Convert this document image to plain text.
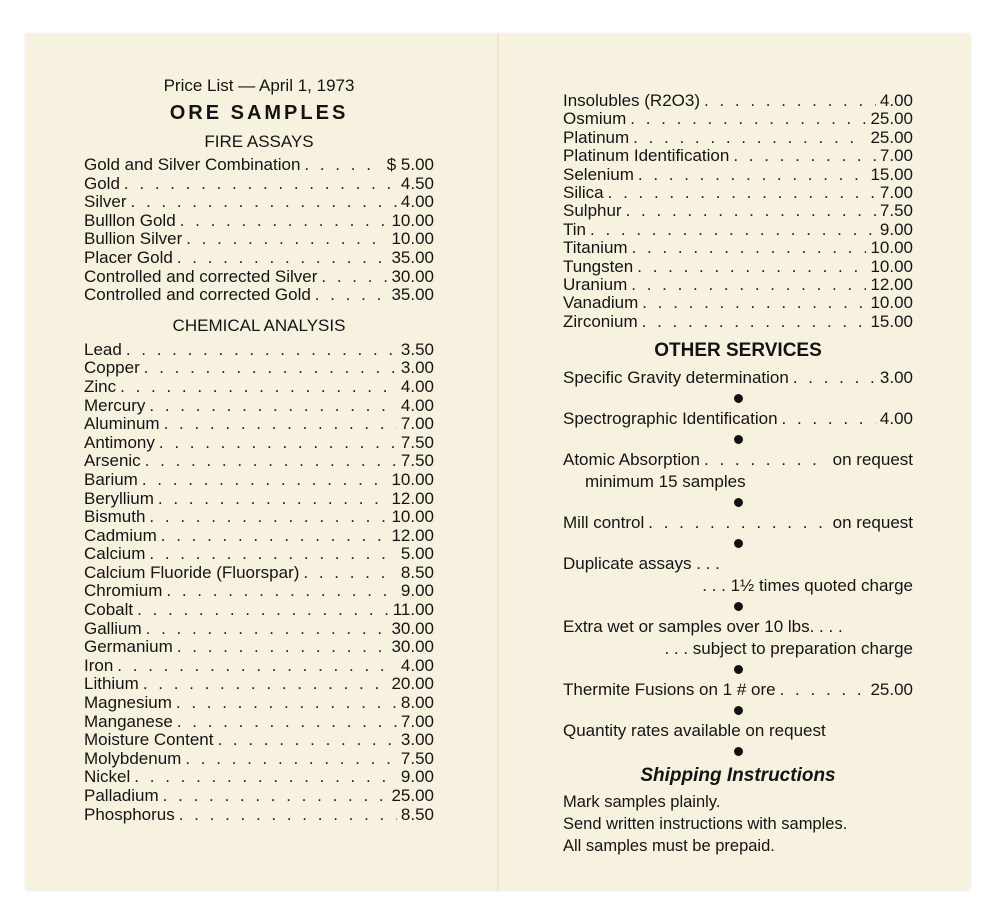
Price List — April 1, 1973
ORE SAMPLES
FIRE ASSAYS
Gold and Silver Combination . . .	$ 5.00
Gold . . .	4.50
Silver . . .	4.00
Bulllon Gold . . .	10.00
Bullion Silver . . .	10.00
Placer Gold . . .	35.00
Controlled and corrected Silver . . .	30.00
Controlled and corrected Gold . . .	35.00
CHEMICAL ANALYSIS
Lead . . .	3.50
Copper . . .	3.00
Zinc . . .	4.00
Mercury . . .	4.00
Aluminum . . .	7.00
Antimony . . .	7.50
Arsenic . . .	7.50
Barium . . .	10.00
Beryllium . . .	12.00
Bismuth . . .	10.00
Cadmium . . .	12.00
Calcium . . .	5.00
Calcium Fluoride (Fluorspar) . . .	8.50
Chromium . . .	9.00
Cobalt . . .	11.00
Gallium . . .	30.00
Germanium . . .	30.00
Iron . . .	4.00
Lithium . . .	20.00
Magnesium . . .	8.00
Manganese . . .	7.00
Moisture Content . . .	3.00
Molybdenum . . .	7.50
Nickel . . .	9.00
Palladium . . .	25.00
Phosphorus . . .	8.50
Insolubles (R2O3) . . .	4.00
Osmium . . .	25.00
Platinum . . .	25.00
Platinum Identification . . .	7.00
Selenium . . .	15.00
Silica . . .	7.00
Sulphur . . .	7.50
Tin . . .	9.00
Titanium . . .	10.00
Tungsten . . .	10.00
Uranium . . .	12.00
Vanadium . . .	10.00
Zirconium . . .	15.00
OTHER SERVICES
Specific Gravity determination . . .	3.00
Spectrographic Identification . . .	4.00
Atomic Absorption . . .	on request
minimum 15 samples
Mill control . . .	on request
Duplicate assays . . .
. . . 1½ times quoted charge
Extra wet or samples over 10 lbs. . . .
. . . subject to preparation charge
Thermite Fusions on 1 # ore . . .	25.00
Quantity rates available on request
Shipping Instructions
Mark samples plainly.
Send written instructions with samples.
All samples must be prepaid.
